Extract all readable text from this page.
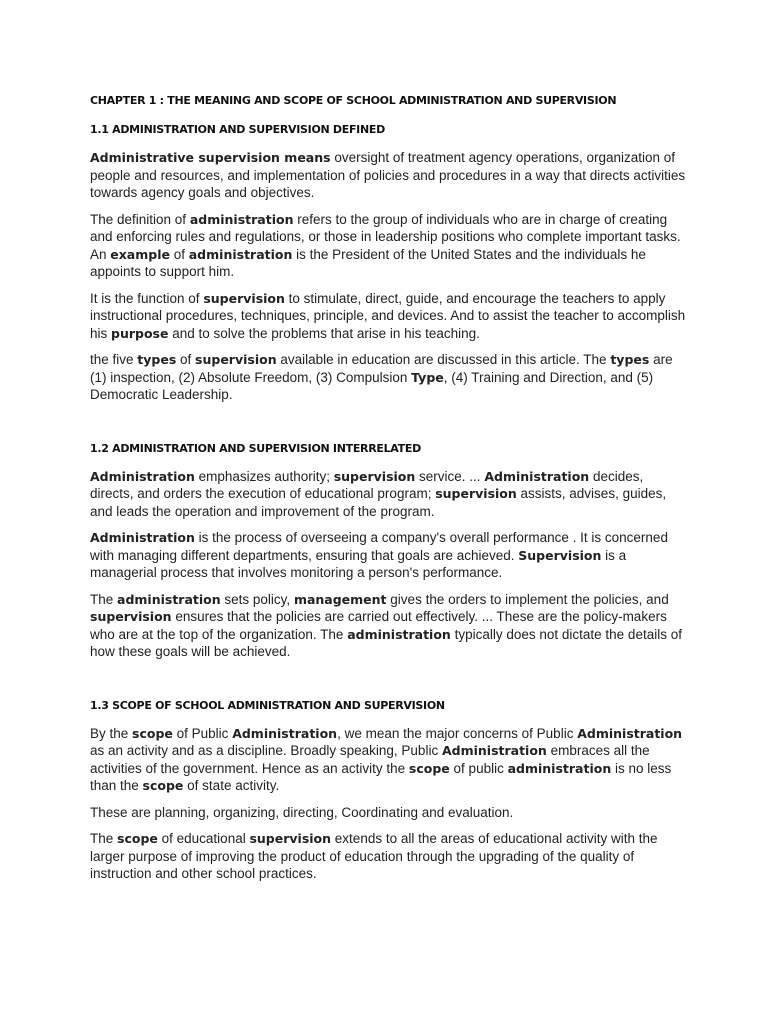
CHAPTER 1 : THE MEANING AND SCOPE OF SCHOOL ADMINISTRATION AND SUPERVISION
1.1 ADMINISTRATION AND SUPERVISION DEFINED

Administrative supervision means oversight of treatment agency operations, organization of people and resources, and implementation of policies and procedures in a way that directs activities towards agency goals and objectives.

The definition of administration refers to the group of individuals who are in charge of creating and enforcing rules and regulations, or those in leadership positions who complete important tasks. An example of administration is the President of the United States and the individuals he appoints to support him.

It is the function of supervision to stimulate, direct, guide, and encourage the teachers to apply instructional procedures, techniques, principle, and devices. And to assist the teacher to accomplish his purpose and to solve the problems that arise in his teaching.

the five types of supervision available in education are discussed in this article. The types are (1) inspection, (2) Absolute Freedom, (3) Compulsion Type, (4) Training and Direction, and (5) Democratic Leadership.

1.2 ADMINISTRATION AND SUPERVISION INTERRELATED

Administration emphasizes authority; supervision service. ... Administration decides, directs, and orders the execution of educational program; supervision assists, advises, guides, and leads the operation and improvement of the program.

Administration is the process of overseeing a company's overall performance . It is concerned with managing different departments, ensuring that goals are achieved. Supervision is a managerial process that involves monitoring a person's performance.

The administration sets policy, management gives the orders to implement the policies, and supervision ensures that the policies are carried out effectively. ... These are the policy-makers who are at the top of the organization. The administration typically does not dictate the details of how these goals will be achieved.

1.3 SCOPE OF SCHOOL ADMINISTRATION AND SUPERVISION

By the scope of Public Administration, we mean the major concerns of Public Administration as an activity and as a discipline. Broadly speaking, Public Administration embraces all the activities of the government. Hence as an activity the scope of public administration is no less than the scope of state activity.

These are planning, organizing, directing, Coordinating and evaluation.

The scope of educational supervision extends to all the areas of educational activity with the larger purpose of improving the product of education through the upgrading of the quality of instruction and other school practices.
